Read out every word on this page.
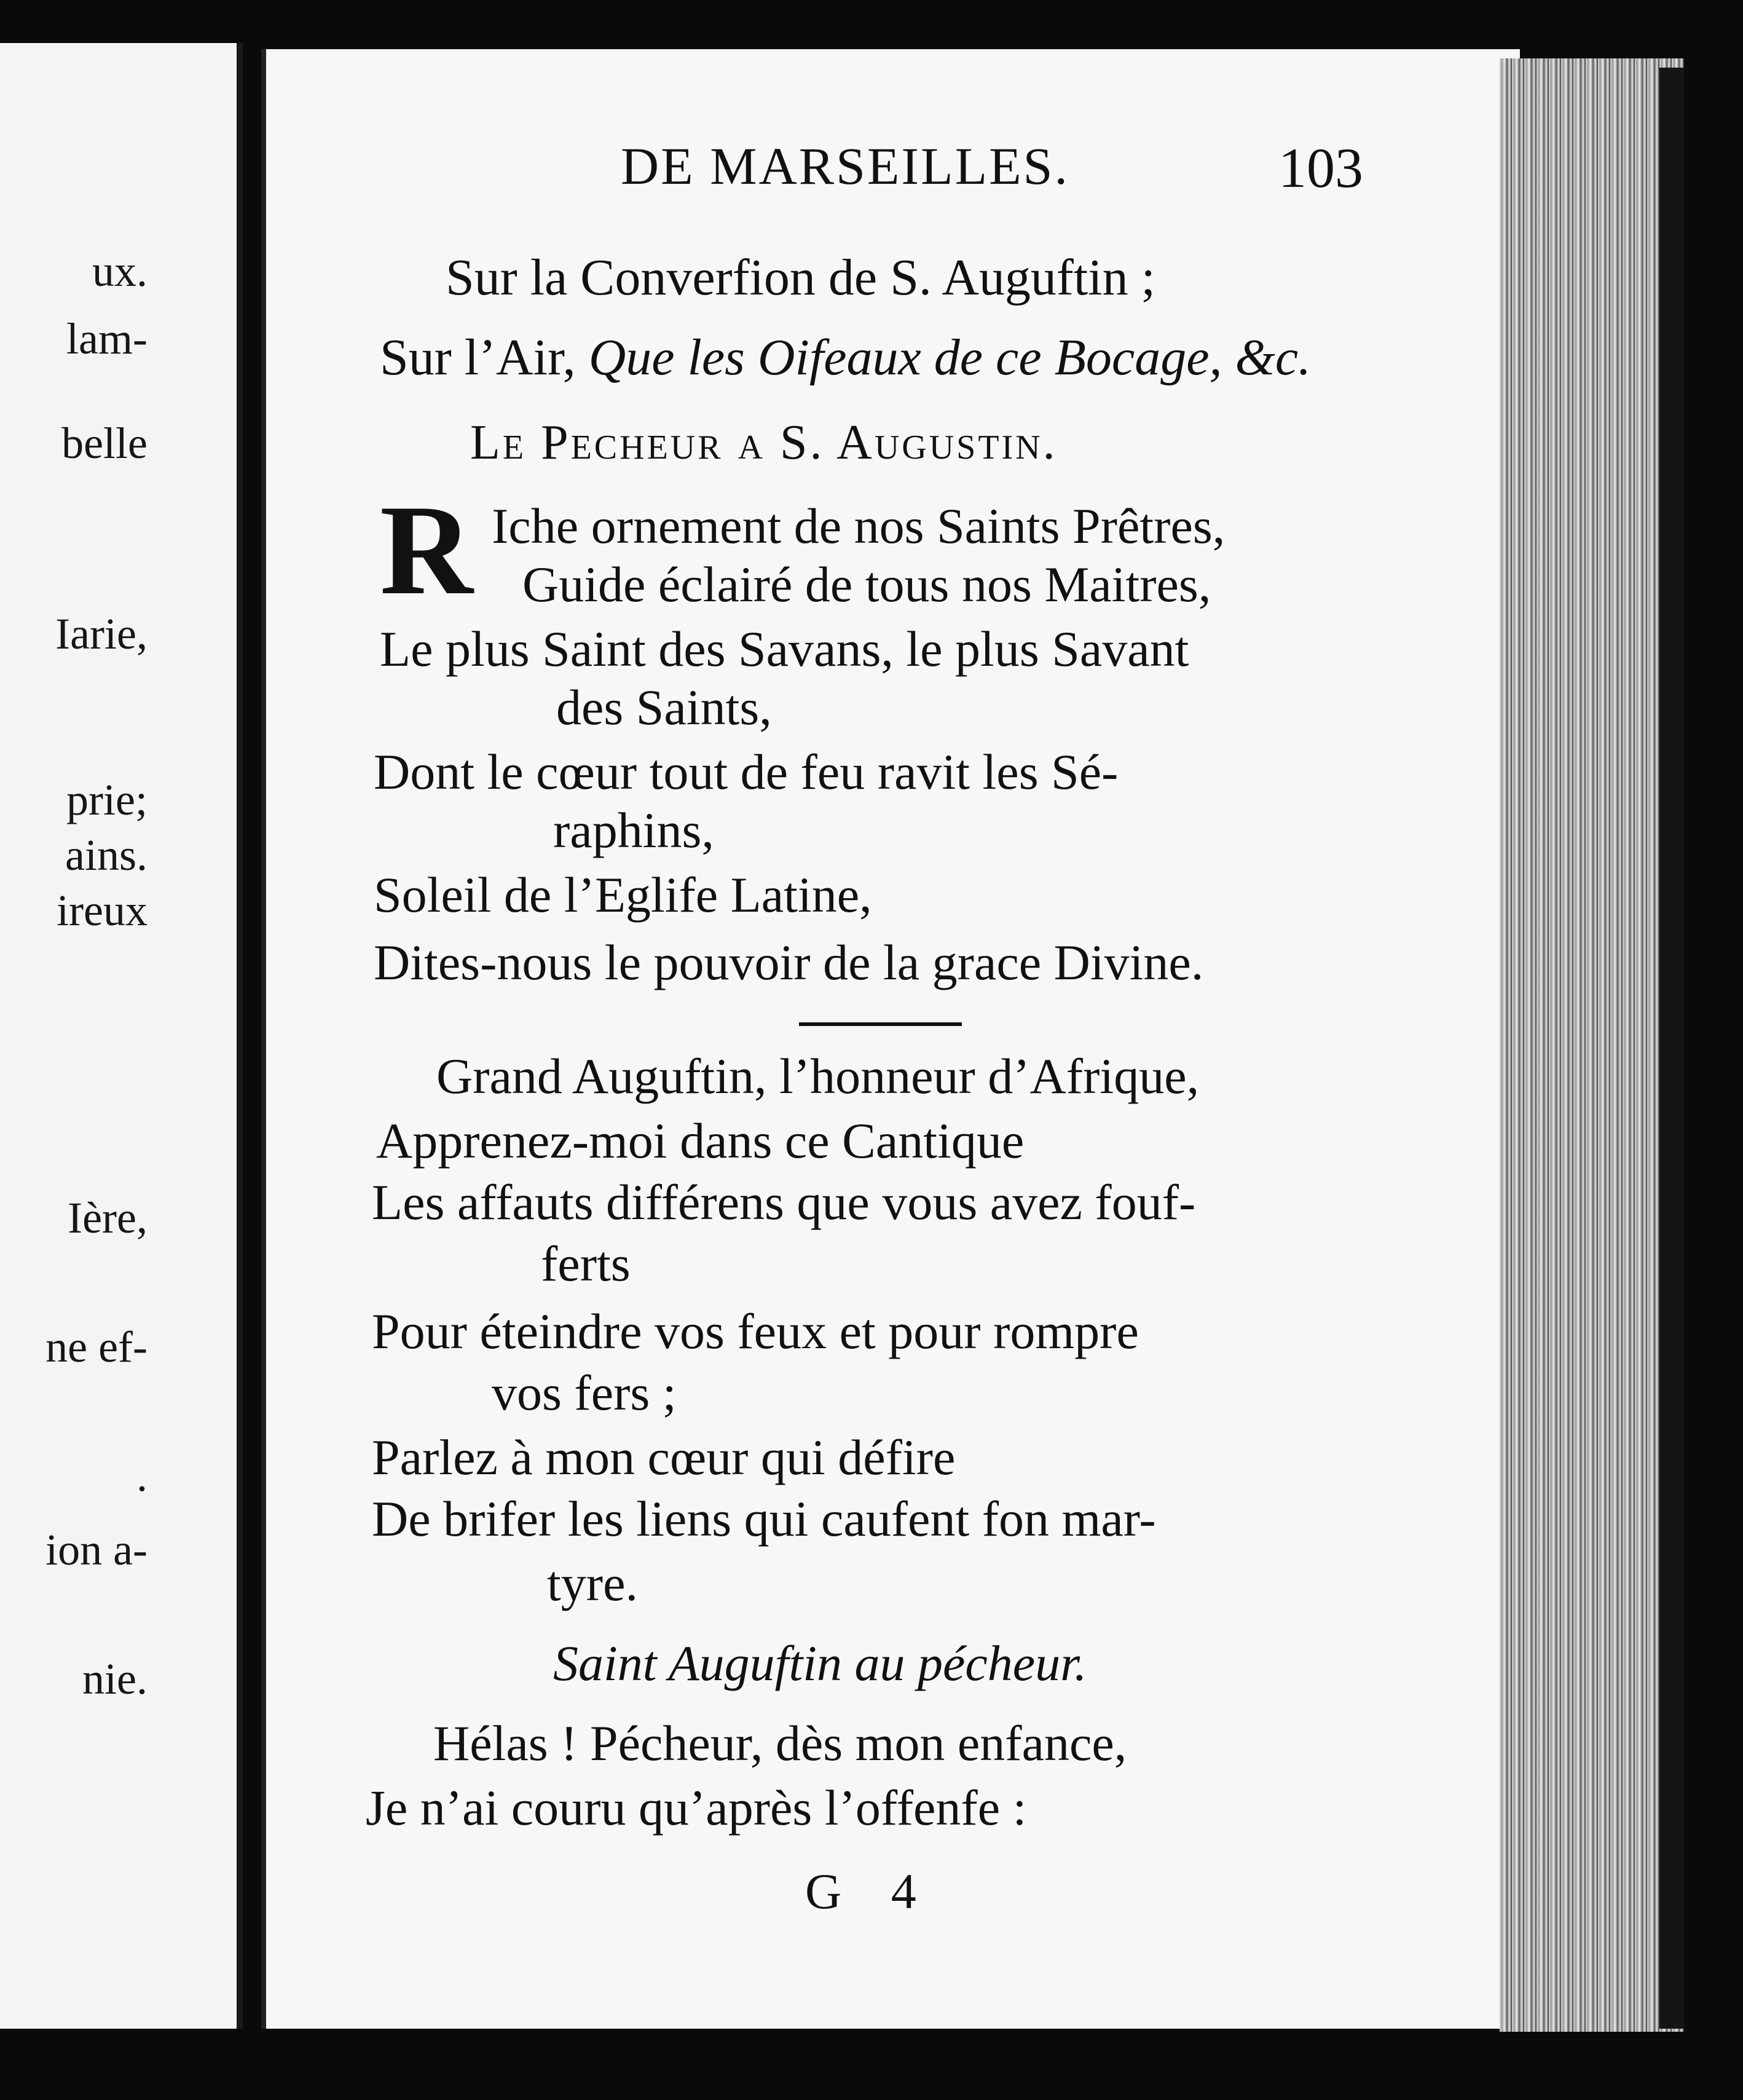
ux.
lam-
belle
Iarie,
prie;
ains.
ireux
Ière,
ne ef-
.
ion a-
nie.
DE MARSEILLES.	103
Sur la Converfion de S. Auguftin ;
Sur l’Air, Que les Oifeaux de ce Bocage, &c.
Le Pecheur a S. Augustin.
R Iche ornement de nos Saints Prêtres,
Guide éclairé de tous nos Maitres,
Le plus Saint des Savans, le plus Savant
des Saints,
Dont le cœur tout de feu ravit les Sé-
raphins,
Soleil de l’Eglife Latine,
Dites-nous le pouvoir de la grace Divine.
Grand Auguftin, l’honneur d’Afrique,
Apprenez-moi dans ce Cantique
Les affauts différens que vous avez fouf-
ferts
Pour éteindre vos feux et pour rompre
vos fers ;
Parlez à mon cœur qui défire
De brifer les liens qui caufent fon mar-
tyre.
Saint Auguftin au pécheur.
Hélas ! Pécheur, dès mon enfance,
Je n’ai couru qu’après l’offenfe :
G 4
